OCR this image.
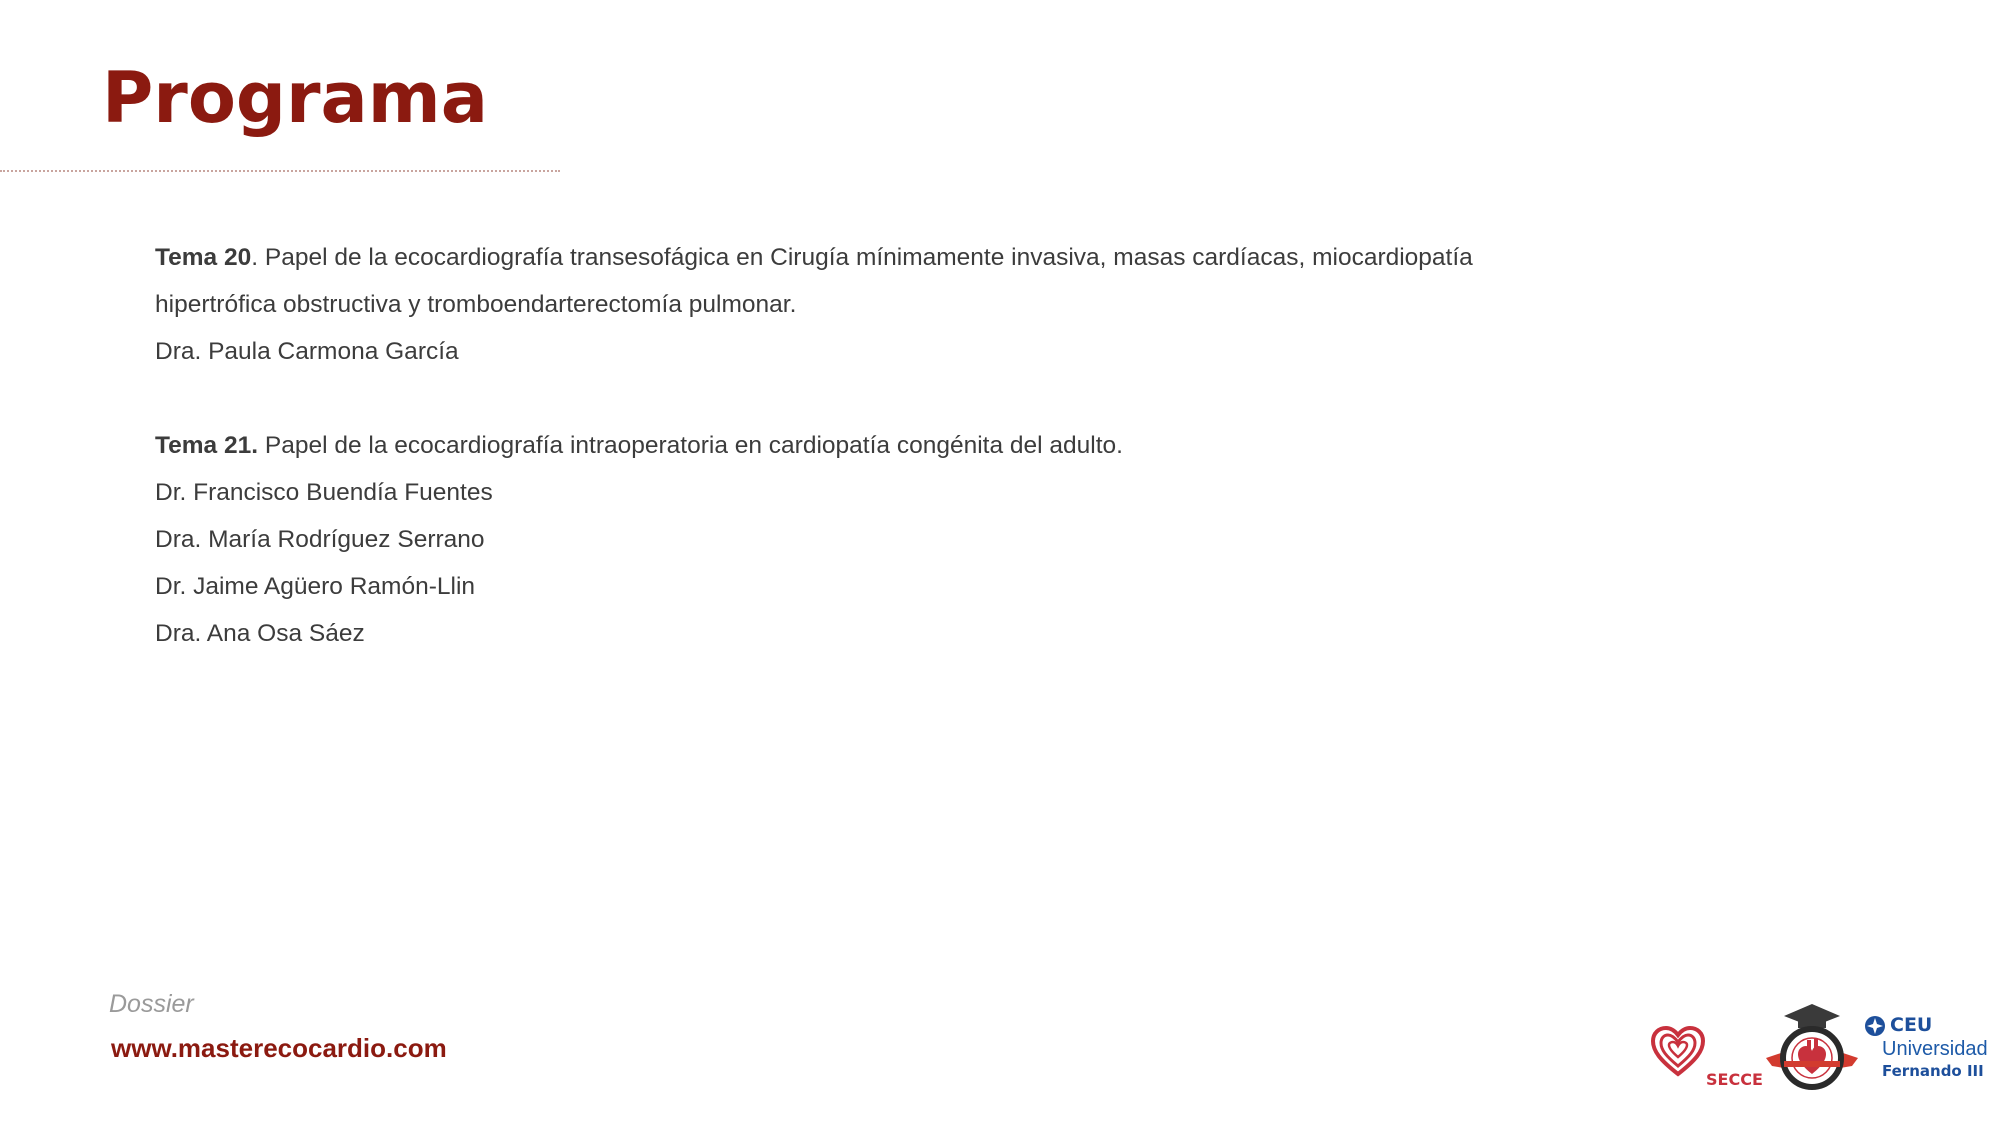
Programa
Tema 20. Papel de la ecocardiografía transesofágica en Cirugía mínimamente invasiva, masas cardíacas, miocardiopatía
hipertrófica obstructiva y tromboendarterectomía pulmonar.
Dra. Paula Carmona García
Tema 21. Papel de la ecocardiografía intraoperatoria en cardiopatía congénita del adulto.
Dr. Francisco Buendía Fuentes
Dra. María Rodríguez Serrano
Dr. Jaime Agüero Ramón-Llin
Dra. Ana Osa Sáez
Dossier
www.masterecocardio.com
SECCE
CEU
Universidad
Fernando III
